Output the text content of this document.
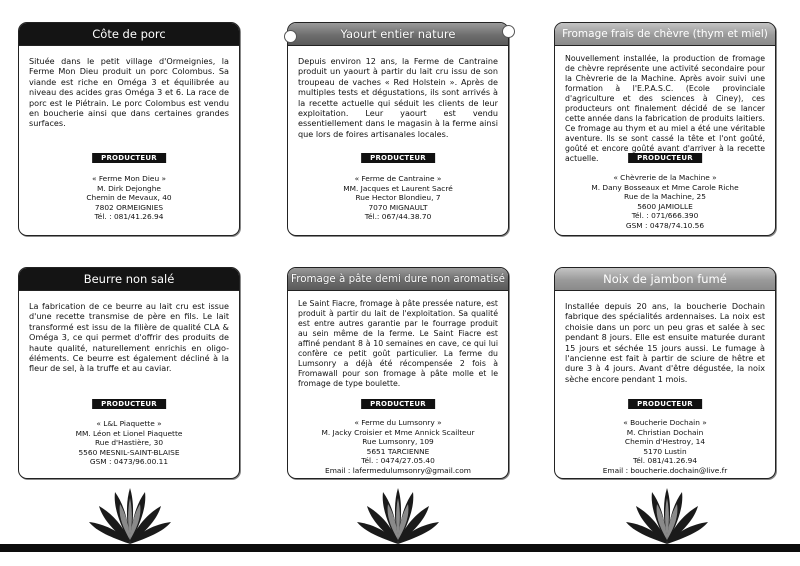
Côte de porc
Située dans le petit village d'Ormeignies, la Ferme Mon Dieu produit un porc Colombus. Sa viande est riche en Oméga 3 et équilibrée au niveau des acides gras Oméga 3 et 6. La race de porc est le Piétrain. Le porc Colombus est vendu en boucherie ainsi que dans certaines grandes surfaces.
PRODUCTEUR
« Ferme Mon Dieu »
M. Dirk Dejonghe
Chemin de Mevaux, 40
7802 ORMEIGNIES
Tél. : 081/41.26.94
Yaourt entier nature
Depuis environ 12 ans, la Ferme de Cantraine produit un yaourt à partir du lait cru issu de son troupeau de vaches « Red Holstein ». Après de multiples tests et dégustations, ils sont arrivés à la recette actuelle qui séduit les clients de leur exploitation. Leur yaourt est vendu essentiellement dans le magasin à la ferme ainsi que lors de foires artisanales locales.
PRODUCTEUR
« Ferme de Cantraine »
MM. Jacques et Laurent Sacré
Rue Hector Blondieu, 7
7070 MIGNAULT
Tél.: 067/44.38.70
Fromage frais de chèvre (thym et miel)
Nouvellement installée, la production de fromage de chèvre représente une activité secondaire pour la Chèvrerie de la Machine. Après avoir suivi une formation à l'E.P.A.S.C. (Ecole provinciale d'agriculture et des sciences à Ciney), ces producteurs ont finalement décidé de se lancer cette année dans la fabrication de produits laitiers. Ce fromage au thym et au miel a été une véritable aventure. Ils se sont cassé la tête et l'ont goûté, goûté et encore goûté avant d'arriver à la recette actuelle.	PRODUCTEUR
« Chèvrerie de la Machine »
M. Dany Bosseaux et Mme Carole Riche
Rue de la Machine, 25
5600 JAMIOLLE
Tél. : 071/666.390
GSM : 0478/74.10.56
Beurre non salé
La fabrication de ce beurre au lait cru est issue d'une recette transmise de père en fils. Le lait transformé est issu de la filière de qualité CLA & Oméga 3, ce qui permet d'offrir des produits de haute qualité, naturellement enrichis en oligo-éléments. Ce beurre est également décliné à la fleur de sel, à la truffe et au caviar.
PRODUCTEUR
« L&L Piaquette »
MM. Léon et Lionel Piaquette
Rue d'Hastière, 30
5560 MESNIL-SAINT-BLAISE
GSM : 0473/96.00.11
Fromage à pâte demi dure non aromatisé
Le Saint Fiacre, fromage à pâte pressée nature, est produit à partir du lait de l'exploitation. Sa qualité est entre autres garantie par le fourrage produit au sein même de la ferme. Le Saint Fiacre est affiné pendant 8 à 10 semaines en cave, ce qui lui confère ce petit goût particulier. La ferme du Lumsonry a déjà été récompensée 2 fois à Fromawall pour son fromage à pâte molle et le fromage de type boulette.
PRODUCTEUR
« Ferme du Lumsonry »
M. Jacky Croisier et Mme Annick Scailteur
Rue Lumsonry, 109
5651 TARCIENNE
Tél. : 0474/27.05.40
Email : lafermedulumsonry@gmail.com
Noix de jambon fumé
Installée depuis 20 ans, la boucherie Dochain fabrique des spécialités ardennaises. La noix est choisie dans un porc un peu gras et salée à sec pendant 8 jours. Elle est ensuite maturée durant 15 jours et séchée 15 jours aussi. Le fumage à l'ancienne est fait à partir de sciure de hêtre et dure 3 à 4 jours. Avant d'être dégustée, la noix sèche encore pendant 1 mois.
PRODUCTEUR
« Boucherie Dochain »
M. Christian Dochain
Chemin d'Hestroy, 14
5170 Lustin
Tél. 081/41.26.94
Email : boucherie.dochain@live.fr
